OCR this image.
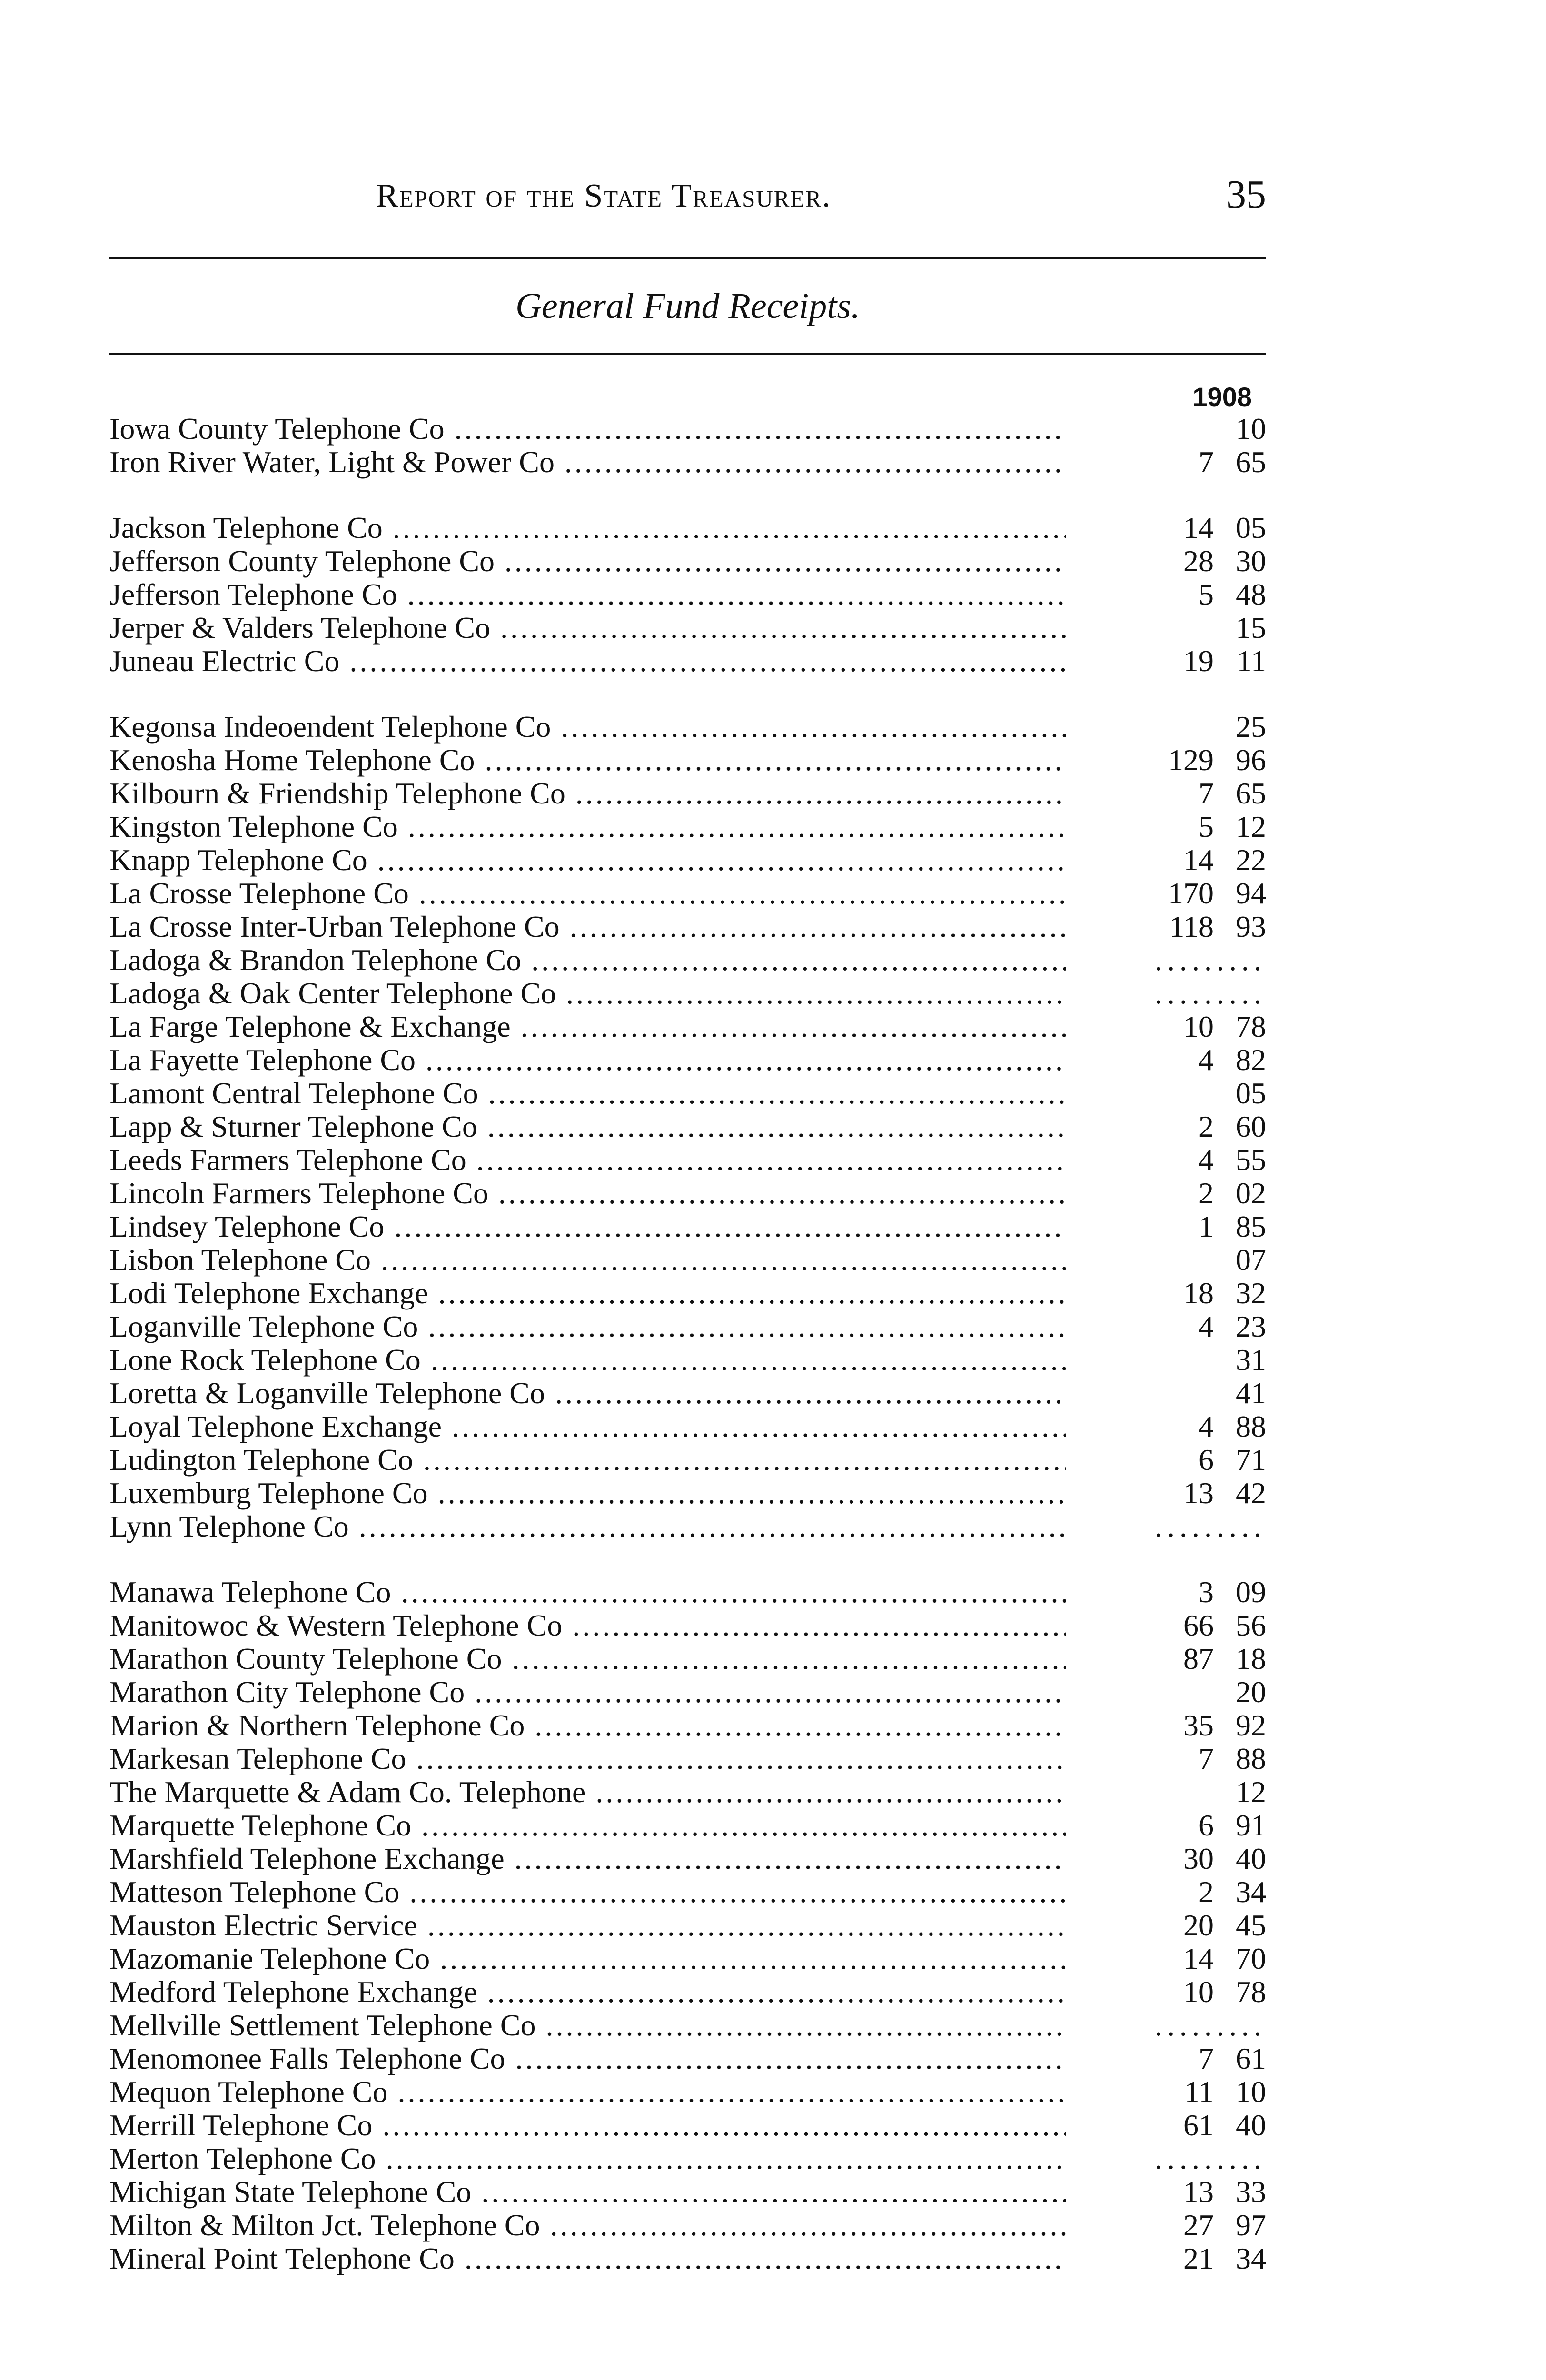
Report of the State Treasurer.	35
General Fund Receipts.
1908
Iowa County Telephone Co .....	10
Iron River Water, Light & Power Co .....	7 65
Jackson Telephone Co .....	14 05
Jefferson County Telephone Co .....	28 30
Jefferson Telephone Co .....	5 48
Jerper & Valders Telephone Co .....	15
Juneau Electric Co .....	19 11
Kegonsa Indeoendent Telephone Co .....	25
Kenosha Home Telephone Co .....	129 96
Kilbourn & Friendship Telephone Co .....	7 65
Kingston Telephone Co .....	5 12
Knapp Telephone Co .....	14 22
La Crosse Telephone Co .....	170 94
La Crosse Inter-Urban Telephone Co .....	118 93
Ladoga & Brandon Telephone Co .....	.........
Ladoga & Oak Center Telephone Co .....	.........
La Farge Telephone & Exchange .....	10 78
La Fayette Telephone Co .....	4 82
Lamont Central Telephone Co .....	05
Lapp & Sturner Telephone Co .....	2 60
Leeds Farmers Telephone Co .....	4 55
Lincoln Farmers Telephone Co .....	2 02
Lindsey Telephone Co .....	1 85
Lisbon Telephone Co .....	07
Lodi Telephone Exchange .....	18 32
Loganville Telephone Co .....	4 23
Lone Rock Telephone Co .....	31
Loretta & Loganville Telephone Co .....	41
Loyal Telephone Exchange .....	4 88
Ludington Telephone Co .....	6 71
Luxemburg Telephone Co .....	13 42
Lynn Telephone Co .....	.........
Manawa Telephone Co .....	3 09
Manitowoc & Western Telephone Co .....	66 56
Marathon County Telephone Co .....	87 18
Marathon City Telephone Co .....	20
Marion & Northern Telephone Co .....	35 92
Markesan Telephone Co .....	7 88
The Marquette & Adam Co. Telephone .....	12
Marquette Telephone Co .....	6 91
Marshfield Telephone Exchange .....	30 40
Matteson Telephone Co .....	2 34
Mauston Electric Service .....	20 45
Mazomanie Telephone Co .....	14 70
Medford Telephone Exchange .....	10 78
Mellville Settlement Telephone Co .....	.........
Menomonee Falls Telephone Co .....	7 61
Mequon Telephone Co .....	11 10
Merrill Telephone Co .....	61 40
Merton Telephone Co .....	.........
Michigan State Telephone Co .....	13 33
Milton & Milton Jct. Telephone Co .....	27 97
Mineral Point Telephone Co .....	21 34
